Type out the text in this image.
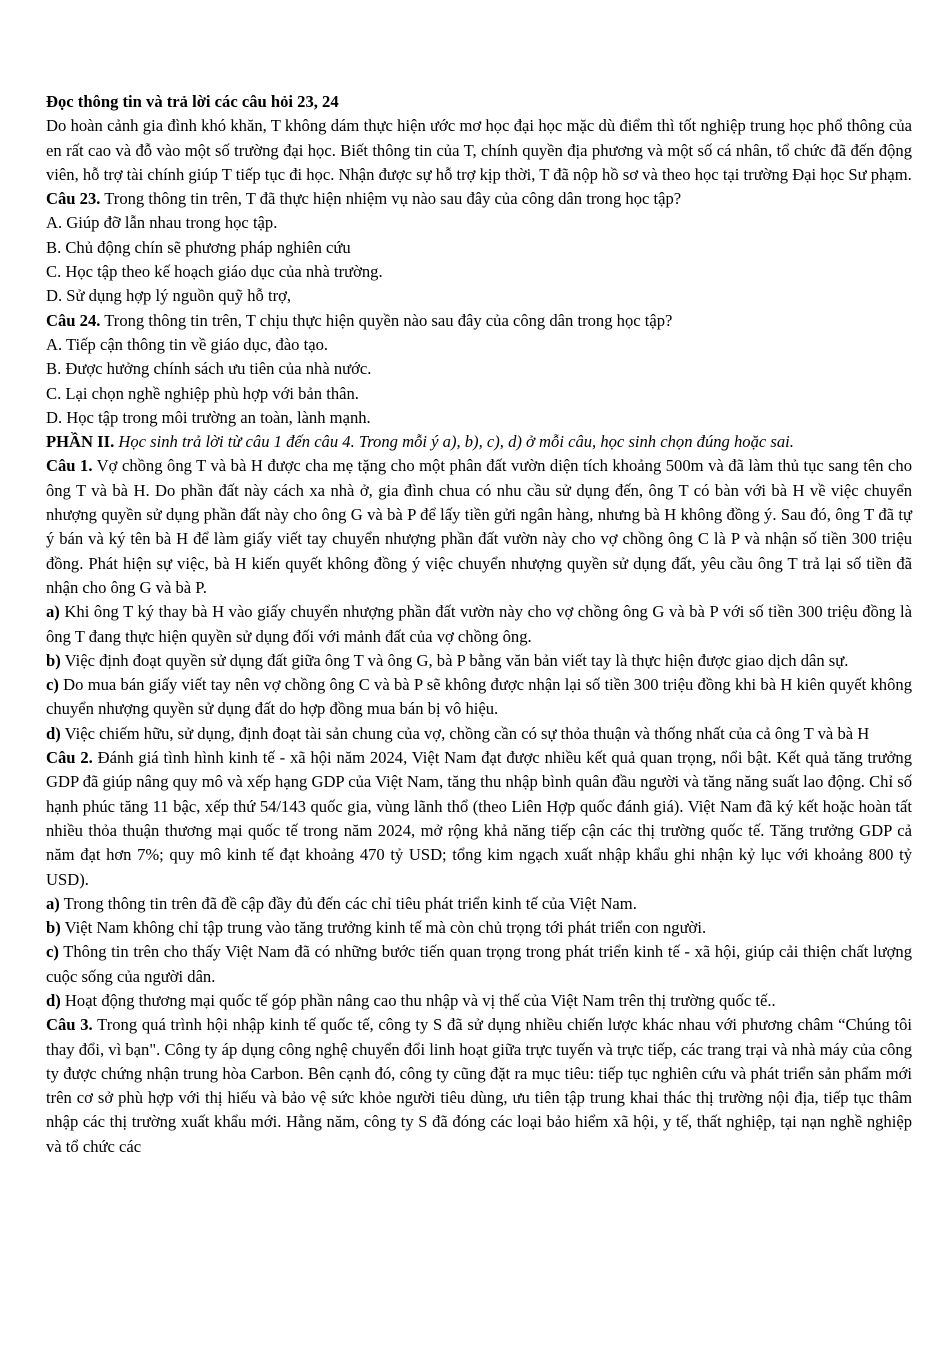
Đọc thông tin và trả lời các câu hỏi 23, 24

Do hoàn cảnh gia đình khó khăn, T không dám thực hiện ước mơ học đại học mặc dù điểm thì tốt nghiệp trung học phổ thông của en rất cao và đỗ vào một số trường đại học. Biết thông tin của T, chính quyền địa phương và một số cá nhân, tổ chức đã đến động viên, hỗ trợ tài chính giúp T tiếp tục đi học. Nhận được sự hỗ trợ kịp thời, T đã nộp hồ sơ và theo học tại trường Đại học Sư phạm.

Câu 23. Trong thông tin trên, T đã thực hiện nhiệm vụ nào sau đây của công dân trong học tập?

A. Giúp đỡ lẫn nhau trong học tập.

B. Chủ động chín sẽ phương pháp nghiên cứu

C. Học tập theo kế hoạch giáo dục của nhà trường.

D. Sử dụng hợp lý nguồn quỹ hỗ trợ,

Câu 24. Trong thông tin trên, T chịu thực hiện quyền nào sau đây của công dân trong học tập?

A. Tiếp cận thông tin về giáo dục, đào tạo.

B. Được hưởng chính sách ưu tiên của nhà nước.

C. Lại chọn nghề nghiệp phù hợp với bản thân.

D. Học tập trong môi trường an toàn, lành mạnh.

PHẦN II. Học sinh trả lời từ câu 1 đến câu 4. Trong mỗi ý a), b), c), d) ở mỗi câu, học sinh chọn đúng hoặc sai.

Câu 1. Vợ chồng ông T và bà H được cha mẹ tặng cho một phân đất vườn diện tích khoảng 500m và đã làm thủ tục sang tên cho ông T và bà H. Do phần đất này cách xa nhà ở, gia đình chua có nhu cầu sử dụng đến, ông T có bàn với bà H về việc chuyển nhượng quyền sử dụng phần đất này cho ông G và bà P để lấy tiền gửi ngân hàng, nhưng bà H không đồng ý. Sau đó, ông T đã tự ý bán và ký tên bà H để làm giấy viết tay chuyển nhượng phần đất vườn này cho vợ chồng ông C là P và nhận số tiền 300 triệu đồng. Phát hiện sự việc, bà H kiến quyết không đồng ý việc chuyển nhượng quyền sử dụng đất, yêu cầu ông T trả lại số tiền đã nhận cho ông G và bà P.

a) Khi ông T ký thay bà H vào giấy chuyển nhượng phần đất vườn này cho vợ chồng ông G và bà P với số tiền 300 triệu đồng là ông T đang thực hiện quyền sử dụng đối với mảnh đất của vợ chồng ông.

b) Việc định đoạt quyền sử dụng đất giữa ông T và ông G, bà P bằng văn bản viết tay là thực hiện được giao dịch dân sự.

c) Do mua bán giấy viết tay nên vợ chồng ông C và bà P sẽ không được nhận lại số tiền 300 triệu đồng khi bà H kiên quyết không chuyển nhượng quyền sử dụng đất do hợp đồng mua bán bị vô hiệu.

d) Việc chiếm hữu, sử dụng, định đoạt tài sản chung của vợ, chồng cần có sự thỏa thuận và thống nhất của cả ông T và bà H

Câu 2. Đánh giá tình hình kinh tế - xã hội năm 2024, Việt Nam đạt được nhiều kết quả quan trọng, nổi bật. Kết quả tăng trưởng GDP đã giúp nâng quy mô và xếp hạng GDP của Việt Nam, tăng thu nhập bình quân đầu người và tăng năng suất lao động. Chỉ số hạnh phúc tăng 11 bậc, xếp thứ 54/143 quốc gia, vùng lãnh thổ (theo Liên Hợp quốc đánh giá). Việt Nam đã ký kết hoặc hoàn tất nhiều thỏa thuận thương mại quốc tế trong năm 2024, mở rộng khả năng tiếp cận các thị trường quốc tế. Tăng trưởng GDP cả năm đạt hơn 7%; quy mô kinh tế đạt khoảng 470 tỷ USD; tổng kim ngạch xuất nhập khẩu ghi nhận kỷ lục với khoảng 800 tỷ USD).

a) Trong thông tin trên đã đề cập đầy đủ đến các chỉ tiêu phát triển kinh tế của Việt Nam.

b) Việt Nam không chỉ tập trung vào tăng trưởng kinh tế mà còn chủ trọng tới phát triển con người.

c) Thông tin trên cho thấy Việt Nam đã có những bước tiến quan trọng trong phát triển kinh tế - xã hội, giúp cải thiện chất lượng cuộc sống của người dân.

d) Hoạt động thương mại quốc tế góp phần nâng cao thu nhập và vị thế của Việt Nam trên thị trường quốc tế..

Câu 3. Trong quá trình hội nhập kinh tế quốc tế, công ty S đã sử dụng nhiều chiến lược khác nhau với phương châm “Chúng tôi thay đổi, vì bạn". Công ty áp dụng công nghệ chuyển đổi linh hoạt giữa trực tuyến và trực tiếp, các trang trại và nhà máy của công ty được chứng nhận trung hòa Carbon. Bên cạnh đó, công ty cũng đặt ra mục tiêu: tiếp tục nghiên cứu và phát triển sản phẩm mới trên cơ sở phù hợp với thị hiếu và bảo vệ sức khỏe người tiêu dùng, ưu tiên tập trung khai thác thị trường nội địa, tiếp tục thâm nhập các thị trường xuất khẩu mới. Hằng năm, công ty S đã đóng các loại bảo hiểm xã hội, y tế, thất nghiệp, tại nạn nghề nghiệp và tổ chức các
